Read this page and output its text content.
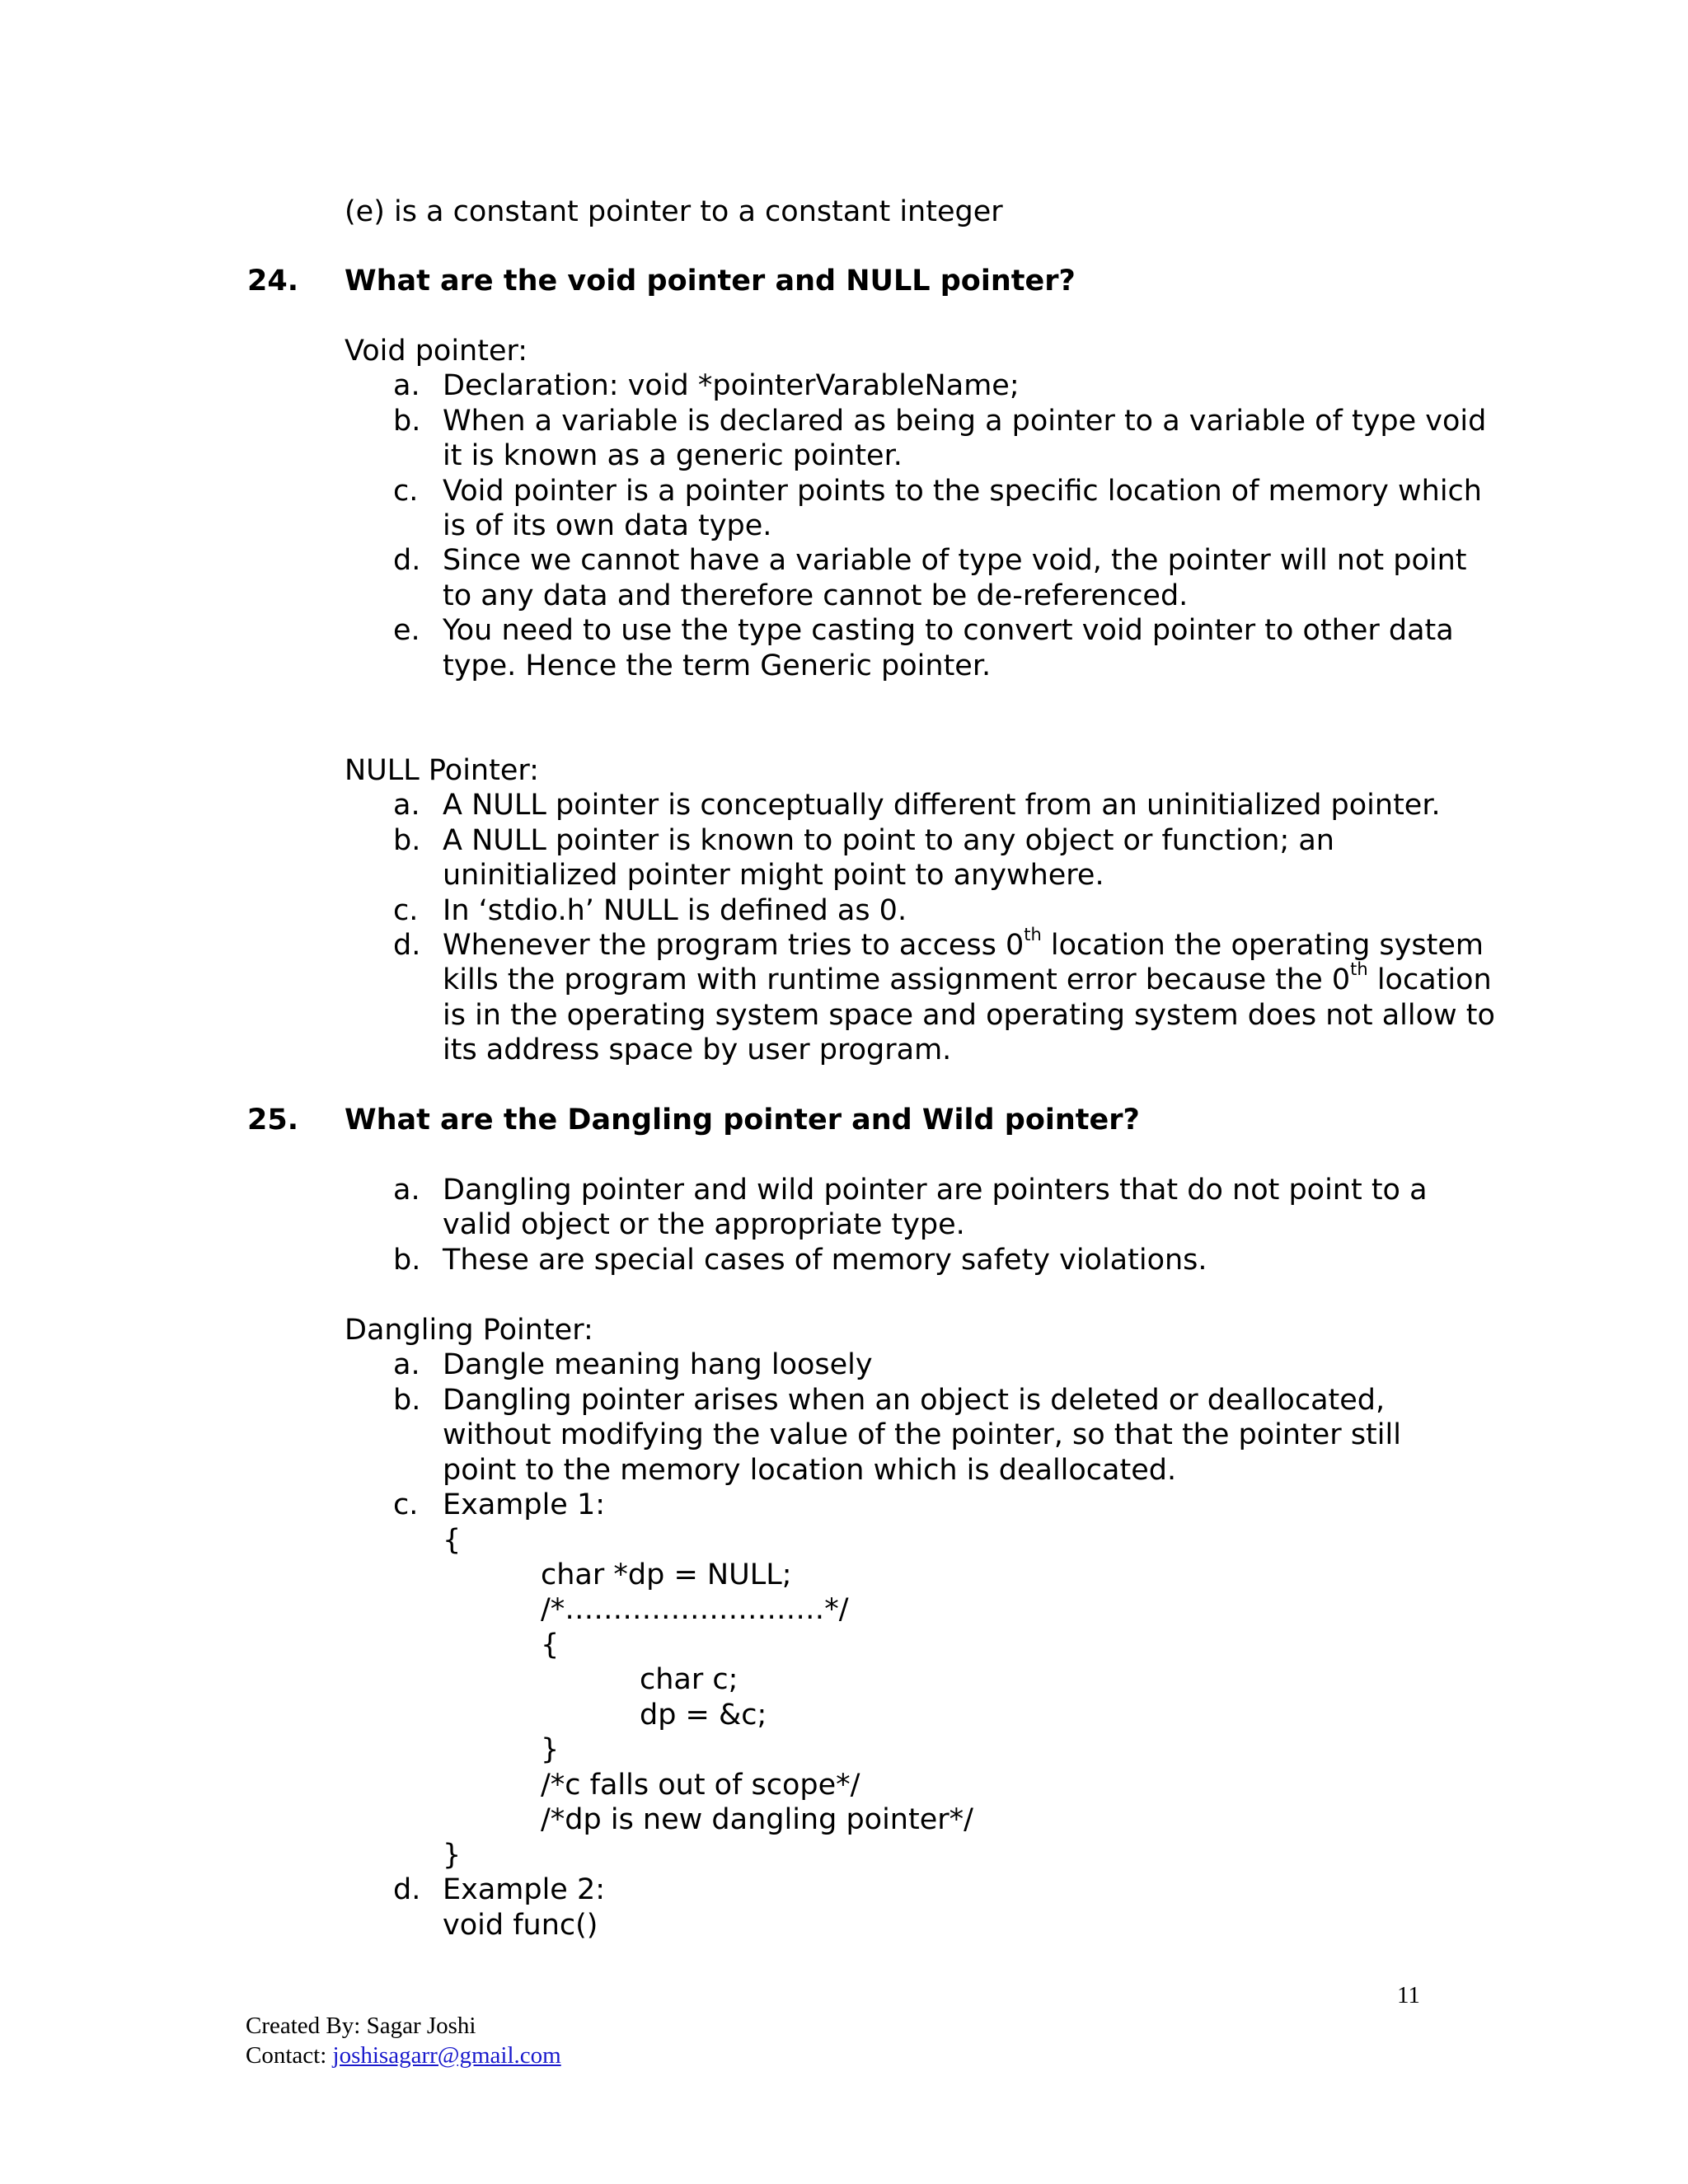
(e) is a constant pointer to a constant integer
24. What are the void pointer and NULL pointer?
Void pointer:
a. Declaration: void *pointerVarableName;
b. When a variable is declared as being a pointer to a variable of type void
it is known as a generic pointer.
c. Void pointer is a pointer points to the specific location of memory which
is of its own data type.
d. Since we cannot have a variable of type void, the pointer will not point
to any data and therefore cannot be de-referenced.
e. You need to use the type casting to convert void pointer to other data
type. Hence the term Generic pointer.
NULL Pointer:
a. A NULL pointer is conceptually different from an uninitialized pointer.
b. A NULL pointer is known to point to any object or function; an
uninitialized pointer might point to anywhere.
c. In ‘stdio.h’ NULL is defined as 0.
d. Whenever the program tries to access 0th location the operating system
kills the program with runtime assignment error because the 0th location
is in the operating system space and operating system does not allow to
its address space by user program.
25. What are the Dangling pointer and Wild pointer?
a. Dangling pointer and wild pointer are pointers that do not point to a
valid object or the appropriate type.
b. These are special cases of memory safety violations.
Dangling Pointer:
a. Dangle meaning hang loosely
b. Dangling pointer arises when an object is deleted or deallocated,
without modifying the value of the pointer, so that the pointer still
point to the memory location which is deallocated.
c. Example 1:
{
char *dp = NULL;
/*………………………*/
{
char c;
dp = &c;
}
/*c falls out of scope*/
/*dp is new dangling pointer*/
}
d. Example 2:
void func()
11
Created By: Sagar Joshi
Contact: joshisagarr@gmail.com
